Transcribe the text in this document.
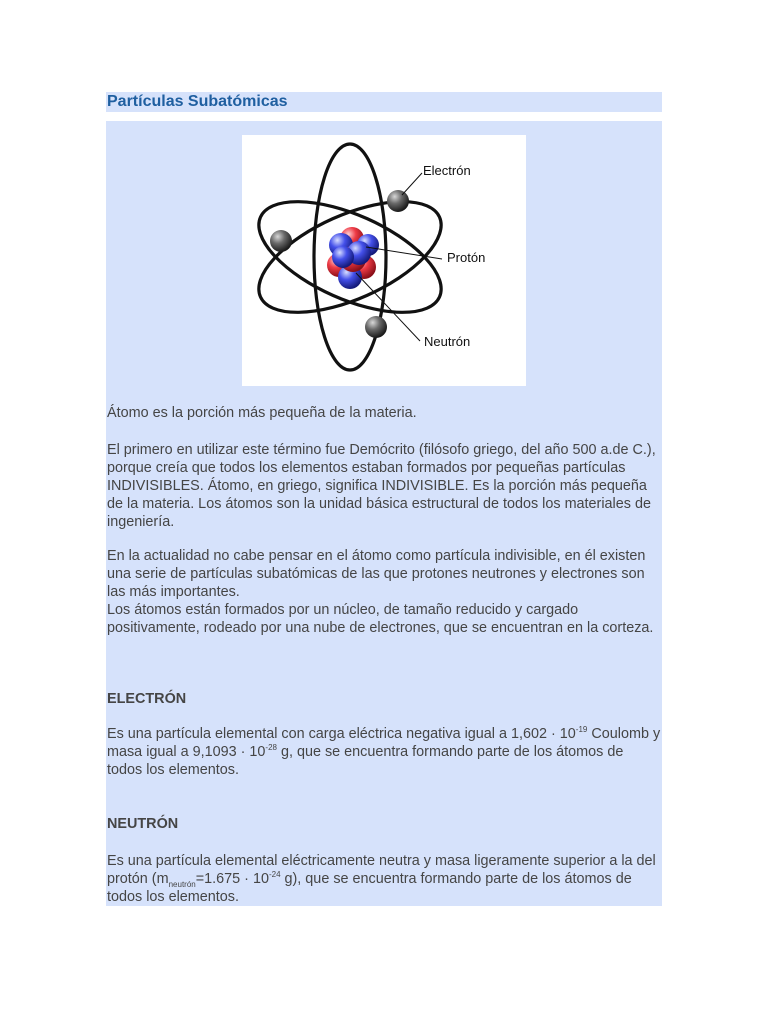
Partículas Subatómicas
Electrón
Protón
Neutrón

Átomo es la porción más pequeña de la materia.

El primero en utilizar este término fue Demócrito (filósofo griego, del año 500 a.de C.), porque creía que todos los elementos estaban formados por pequeñas partículas INDIVISIBLES. Átomo, en griego, significa INDIVISIBLE. Es la porción más pequeña de la materia. Los átomos son la unidad básica estructural de todos los materiales de ingeniería.

En la actualidad no cabe pensar en el átomo como partícula indivisible, en él existen una serie de partículas subatómicas de las que protones neutrones y electrones son las más importantes.
Los átomos están formados por un núcleo, de tamaño reducido y cargado positivamente, rodeado por una nube de electrones, que se encuentran en la corteza.

ELECTRÓN

Es una partícula elemental con carga eléctrica negativa igual a $1,602 \cdot 10^{-19}$ Coulomb y masa igual a $9,1093 \cdot 10^{-28}$ g, que se encuentra formando parte de los átomos de todos los elementos.

NEUTRÓN

Es una partícula elemental eléctricamente neutra y masa ligeramente superior a la del protón ($m_{neutrón}=1.675 \cdot 10^{-24}$ g), que se encuentra formando parte de los átomos de todos los elementos.
